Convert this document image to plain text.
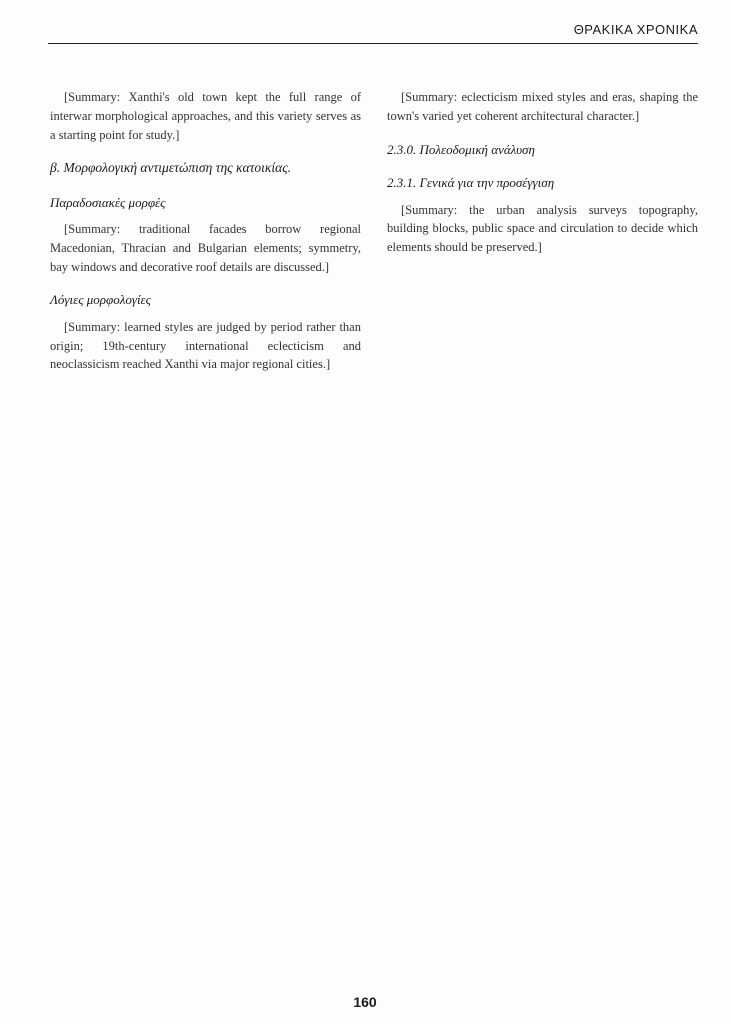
ΘΡΑΚΙΚΑ ΧΡΟΝΙΚΑ

[Summary: Xanthi's old town kept the full range of interwar morphological approaches, and this variety serves as a starting point for study.]

β. Μορφολογική αντιμετώπιση της κατοικίας.
Παραδοσιακές μορφές

[Summary: traditional facades borrow regional Macedonian, Thracian and Bulgarian elements; symmetry, bay windows and decorative roof details are discussed.]

Λόγιες μορφολογίες

[Summary: learned styles are judged by period rather than origin; 19th-century international eclecticism and neoclassicism reached Xanthi via major regional cities.]

[Summary: eclecticism mixed styles and eras, shaping the town's varied yet coherent architectural character.]

2.3.0. Πολεοδομική ανάλυση
2.3.1. Γενικά για την προσέγγιση

[Summary: the urban analysis surveys topography, building blocks, public space and circulation to decide which elements should be preserved.]

160
